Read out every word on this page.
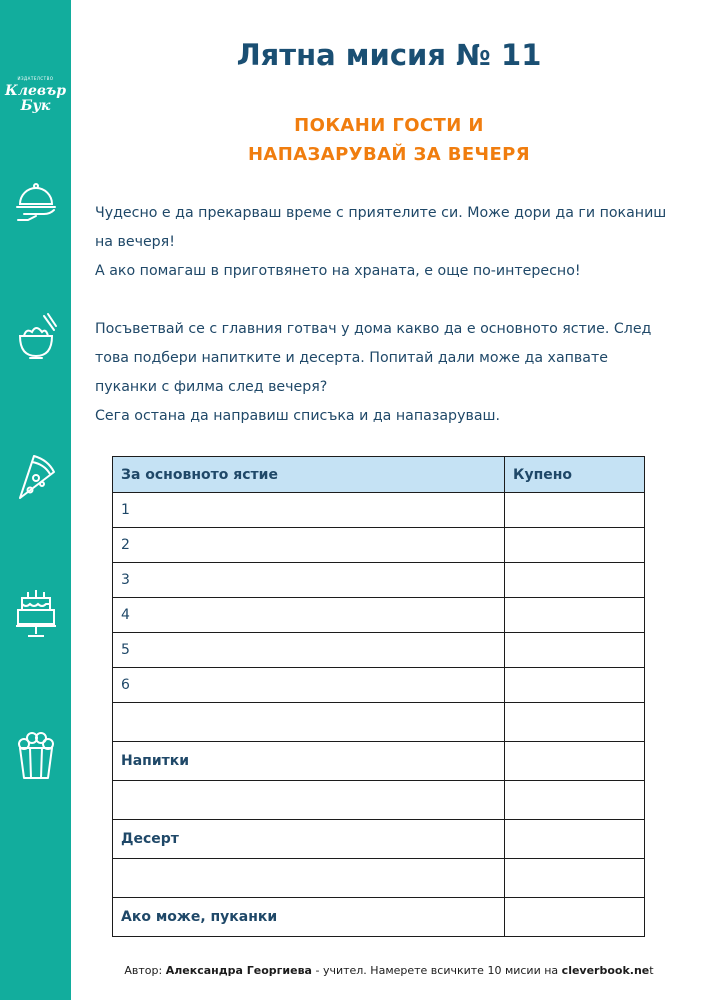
ИЗДАТЕЛСТВО
Клевър
Бук
Лятна мисия № 11
ПОКАНИ ГОСТИ И
НАПАЗАРУВАЙ ЗА ВЕЧЕРЯ
Чудесно е да прекарваш време с приятелите си. Може дори да ги поканиш
на вечеря!
А ако помагаш в приготвянето на храната, е още по-интересно!
Посъветвай се с главния готвач у дома какво да е основното ястие. След
това подбери напитките и десерта. Попитай дали може да хапвате
пуканки с филма след вечеря?
Сега остана да направиш списъка и да напазаруваш.
За основното ястие	Купено
1	
2	
3	
4	
5	
6	

Напитки	

Десерт	

Ако може, пуканки	
Автор: Александра Георгиева - учител. Намерете всичките 10 мисии на cleverbook.net
